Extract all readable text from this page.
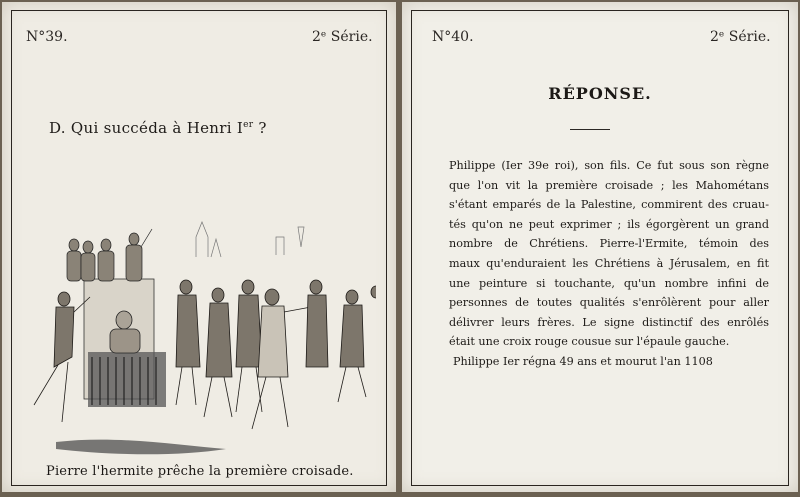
N°39.	2ᵉ Série.
D. Qui succéda à Henri Ier ?
Pierre l'hermite prêche la première croisade.
N°40.	2ᵉ Série.
RÉPONSE.
Philippe (Ier 39e roi), son fils. Ce fut sous son règne
que l'on vit la première croisade ; les Mahométans
s'étant emparés de la Palestine, commirent des cruau-
tés qu'on ne peut exprimer ; ils égorgèrent un grand
nombre de Chrétiens. Pierre-l'Ermite, témoin des
maux qu'enduraient les Chrétiens à Jérusalem, en fit
une peinture si touchante, qu'un nombre infini de
personnes de toutes qualités s'enrôlèrent pour aller
délivrer leurs frères. Le signe distinctif des enrôlés
était une croix rouge cousue sur l'épaule gauche.
Philippe Ier régna 49 ans et mourut l'an 1108
